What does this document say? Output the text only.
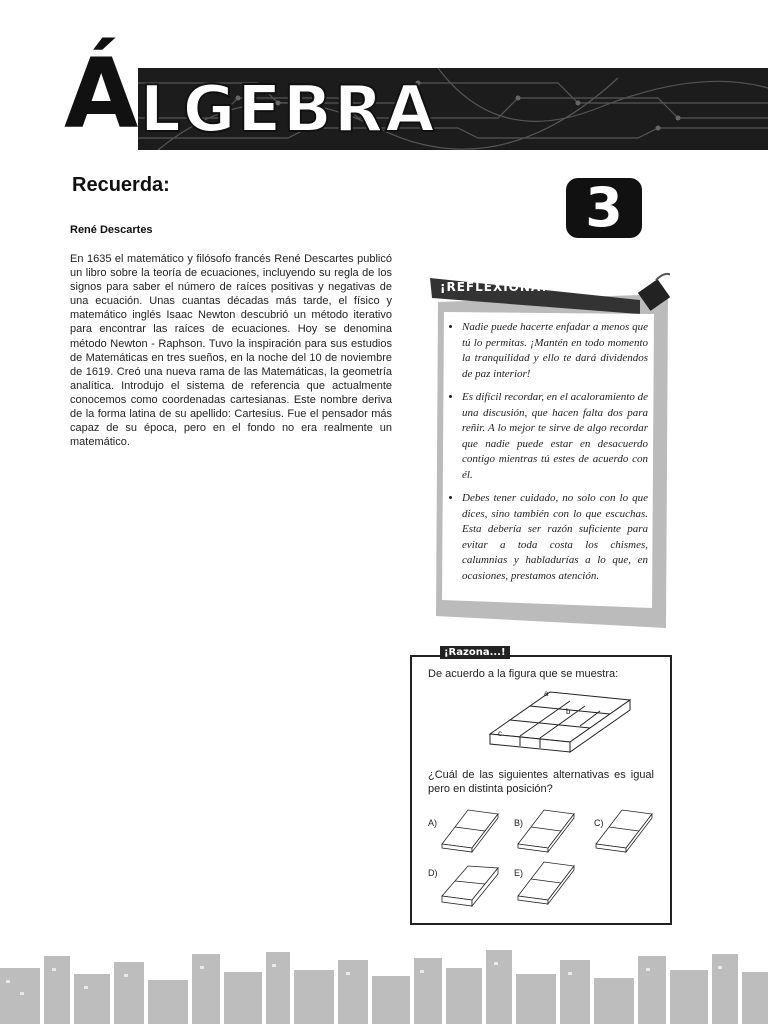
Á LGEBRA
Recuerda:	3
René Descartes
En 1635 el matemático y filósofo francés René Descartes publicó un libro sobre la teoría de ecuaciones, incluyendo su regla de los signos para saber el número de raíces positivas y negativas de una ecuación. Unas cuantas décadas más tarde, el físico y matemático inglés Isaac Newton descubrió un método iterativo para encontrar las raíces de ecuaciones. Hoy se denomina método Newton - Raphson. Tuvo la inspiración para sus estudios de Matemáticas en tres sueños, en la noche del 10 de noviembre de 1619. Creó una nueva rama de las Matemáticas, la geometría analítica. Introdujo el sistema de referencia que actualmente conocemos como coordenadas cartesianas. Este nombre deriva de la forma latina de su apellido: Cartesius. Fue el pensador más capaz de su época, pero en el fondo no era realmente un matemático.
¡REFLEXIONA!
• Nadie puede hacerte enfadar a menos que tú lo permitas. ¡Mantén en todo momento la tranquilidad y ello te dará dividendos de paz interior!
• Es difícil recordar, en el acaloramiento de una discusión, que hacen falta dos para reñir. A lo mejor te sirve de algo recordar que nadie puede estar en desacuerdo contigo mientras tú estes de acuerdo con él.
• Debes tener cuidado, no solo con lo que dices, sino también con lo que escuchas. Esta debería ser razón suficiente para evitar a toda costa los chismes, calumnias y habladurías a lo que, en ocasiones, prestamos atención.
¡Razona...!
De acuerdo a la figura que se muestra:
a
b
c
¿Cuál de las siguientes alternativas es igual pero en distinta posición?
A)	B)	C)
D)	E)
